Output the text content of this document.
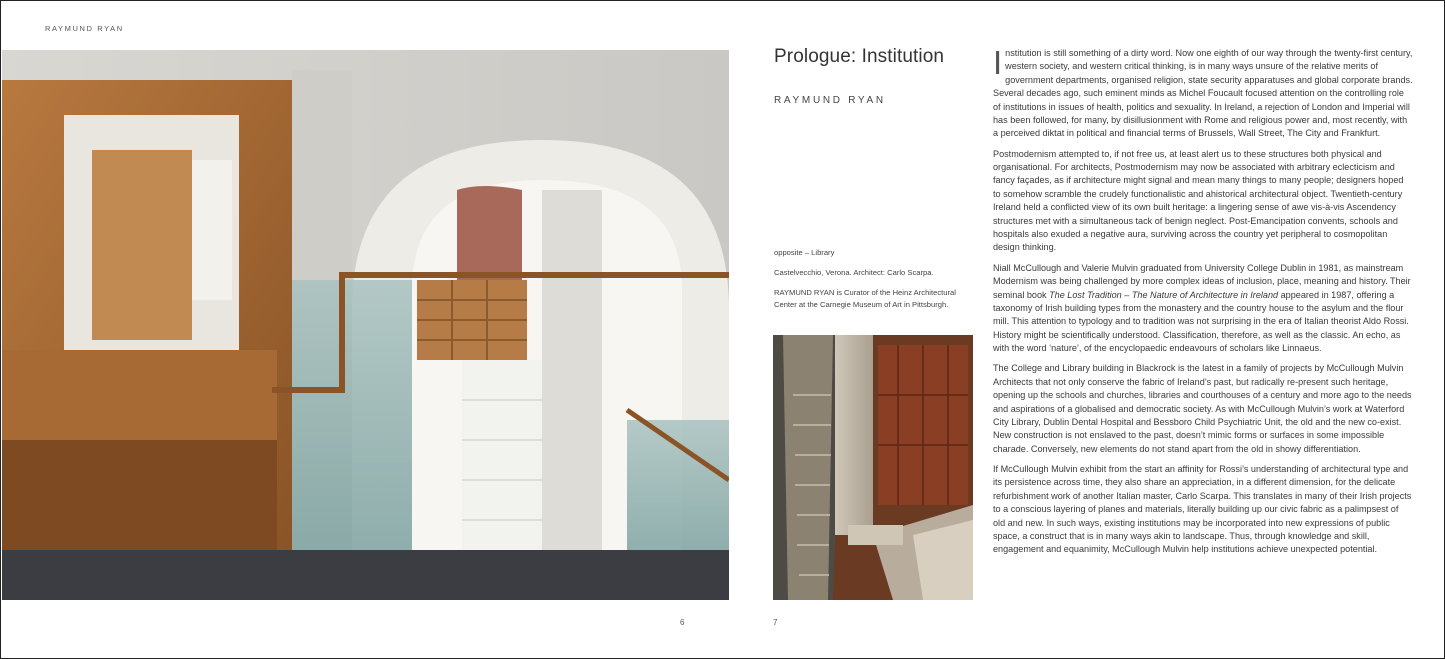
RAYMUND RYAN
6	7
Prologue: Institution
RAYMUND RYAN

opposite – Library

Castelvecchio, Verona. Architect: Carlo Scarpa.

RAYMUND RYAN is Curator of the Heinz Architectural Center at the Carnegie Museum of Art in Pittsburgh.

Institution is still something of a dirty word. Now one eighth of our way through the twenty-first century, western society, and western critical thinking, is in many ways unsure of the relative merits of government departments, organised religion, state security apparatuses and global corporate brands. Several decades ago, such eminent minds as Michel Foucault focused attention on the controlling role of institutions in issues of health, politics and sexuality. In Ireland, a rejection of London and Imperial will has been followed, for many, by disillusionment with Rome and religious power and, most recently, with a perceived diktat in political and financial terms of Brussels, Wall Street, The City and Frankfurt.

Postmodernism attempted to, if not free us, at least alert us to these structures both physical and organisational. For architects, Postmodernism may now be associated with arbitrary eclecticism and fancy façades, as if architecture might signal and mean many things to many people; designers hoped to somehow scramble the crudely functionalistic and ahistorical architectural object. Twentieth-century Ireland held a conflicted view of its own built heritage: a lingering sense of awe vis-à-vis Ascendency structures met with a simultaneous tack of benign neglect. Post-Emancipation convents, schools and hospitals also exuded a negative aura, surviving across the country yet peripheral to cosmopolitan design thinking.

Niall McCullough and Valerie Mulvin graduated from University College Dublin in 1981, as mainstream Modernism was being challenged by more complex ideas of inclusion, place, meaning and history. Their seminal book The Lost Tradition – The Nature of Architecture in Ireland appeared in 1987, offering a taxonomy of Irish building types from the monastery and the country house to the asylum and the flour mill. This attention to typology and to tradition was not surprising in the era of Italian theorist Aldo Rossi. History might be scientifically understood. Classification, therefore, as well as the classic. An echo, as with the word ‘nature’, of the encyclopaedic endeavours of scholars like Linnaeus.

The College and Library building in Blackrock is the latest in a family of projects by McCullough Mulvin Architects that not only conserve the fabric of Ireland’s past, but radically re-present such heritage, opening up the schools and churches, libraries and courthouses of a century and more ago to the needs and aspirations of a globalised and democratic society. As with McCullough Mulvin’s work at Waterford City Library, Dublin Dental Hospital and Bessboro Child Psychiatric Unit, the old and the new co-exist. New construction is not enslaved to the past, doesn’t mimic forms or surfaces in some impossible charade. Conversely, new elements do not stand apart from the old in showy differentiation.

If McCullough Mulvin exhibit from the start an affinity for Rossi’s understanding of architectural type and its persistence across time, they also share an appreciation, in a different dimension, for the delicate refurbishment work of another Italian master, Carlo Scarpa. This translates in many of their Irish projects to a conscious layering of planes and materials, literally building up our civic fabric as a palimpsest of old and new. In such ways, existing institutions may be incorporated into new expressions of public space, a construct that is in many ways akin to landscape. Thus, through knowledge and skill, engagement and equanimity, McCullough Mulvin help institutions achieve unexpected potential.
